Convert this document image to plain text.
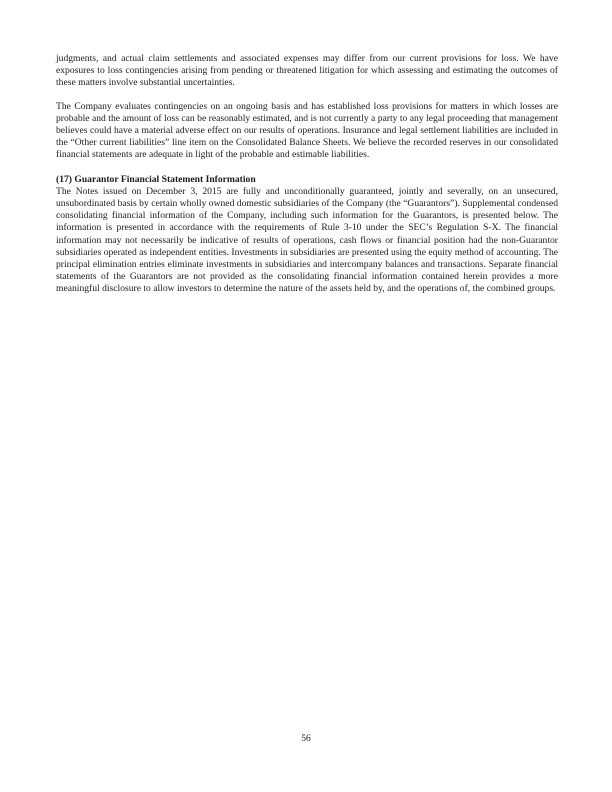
judgments, and actual claim settlements and associated expenses may differ from our current provisions for loss. We have exposures to loss contingencies arising from pending or threatened litigation for which assessing and estimating the outcomes of these matters involve substantial uncertainties.

The Company evaluates contingencies on an ongoing basis and has established loss provisions for matters in which losses are probable and the amount of loss can be reasonably estimated, and is not currently a party to any legal proceeding that management believes could have a material adverse effect on our results of operations. Insurance and legal settlement liabilities are included in the “Other current liabilities” line item on the Consolidated Balance Sheets. We believe the recorded reserves in our consolidated financial statements are adequate in light of the probable and estimable liabilities.

(17) Guarantor Financial Statement Information

The Notes issued on December 3, 2015 are fully and unconditionally guaranteed, jointly and severally, on an unsecured, unsubordinated basis by certain wholly owned domestic subsidiaries of the Company (the “Guarantors”). Supplemental condensed consolidating financial information of the Company, including such information for the Guarantors, is presented below. The information is presented in accordance with the requirements of Rule 3-10 under the SEC’s Regulation S-X. The financial information may not necessarily be indicative of results of operations, cash flows or financial position had the non-Guarantor subsidiaries operated as independent entities. Investments in subsidiaries are presented using the equity method of accounting. The principal elimination entries eliminate investments in subsidiaries and intercompany balances and transactions. Separate financial statements of the Guarantors are not provided as the consolidating financial information contained herein provides a more meaningful disclosure to allow investors to determine the nature of the assets held by, and the operations of, the combined groups.

56
